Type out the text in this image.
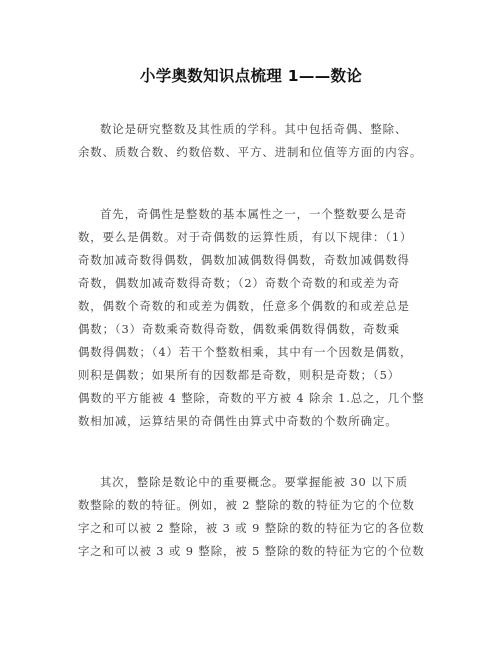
小学奥数知识点梳理 1——数论
数论是研究整数及其性质的学科。其中包括奇偶、整除、
余数、质数合数、约数倍数、平方、进制和位值等方面的内容。
首先，奇偶性是整数的基本属性之一，一个整数要么是奇
数，要么是偶数。对于奇偶数的运算性质，有以下规律：（1）
奇数加减奇数得偶数，偶数加减偶数得偶数，奇数加减偶数得
奇数，偶数加减奇数得奇数；（2）奇数个奇数的和或差为奇
数，偶数个奇数的和或差为偶数，任意多个偶数的和或差总是
偶数；（3）奇数乘奇数得奇数，偶数乘偶数得偶数，奇数乘
偶数得偶数；（4）若干个整数相乘，其中有一个因数是偶数，
则积是偶数；如果所有的因数都是奇数，则积是奇数；（5）
偶数的平方能被 4 整除，奇数的平方被 4 除余 1.总之，几个整
数相加减，运算结果的奇偶性由算式中奇数的个数所确定。
其次，整除是数论中的重要概念。要掌握能被 30 以下质
数整除的数的特征。例如，被 2 整除的数的特征为它的个位数
字之和可以被 2 整除，被 3 或 9 整除的数的特征为它的各位数
字之和可以被 3 或 9 整除，被 5 整除的数的特征为它的个位数
